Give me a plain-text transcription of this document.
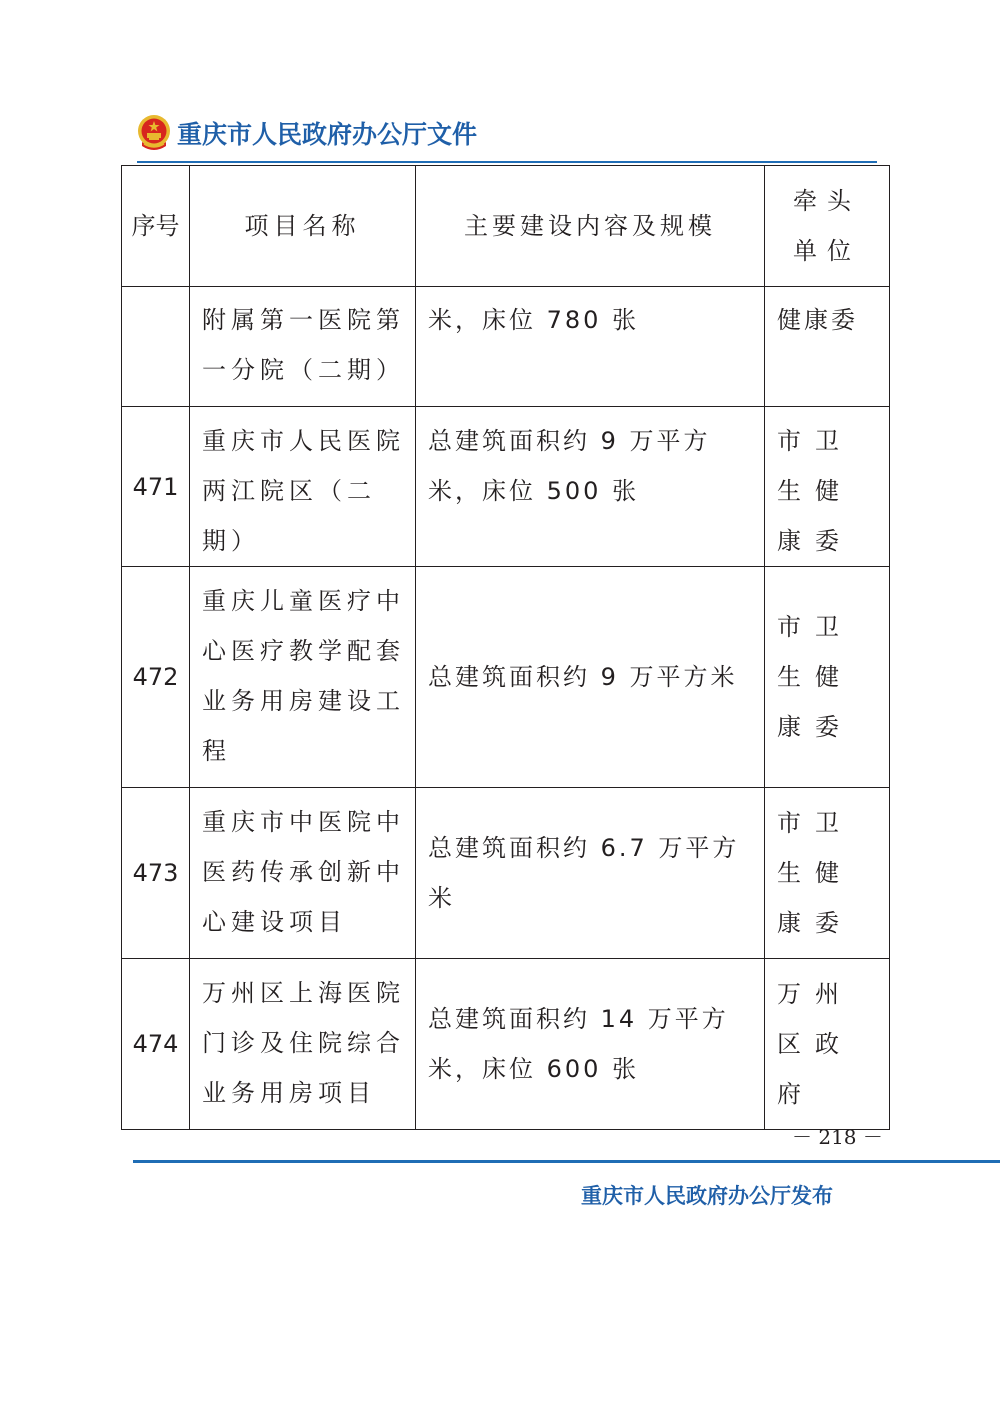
重庆市人民政府办公厅文件
序号	项目名称	主要建设内容及规模	牵头单位
	附属第一医院第一分院（二期）	米，床位 780 张	健康委
471	重庆市人民医院两江院区（二期）	总建筑面积约 9 万平方米，床位 500 张	市卫生健康委
472	重庆儿童医疗中心医疗教学配套业务用房建设工程	总建筑面积约 9 万平方米	市卫生健康委
473	重庆市中医院中医药传承创新中心建设项目	总建筑面积约 6.7 万平方米	市卫生健康委
474	万州区上海医院门诊及住院综合业务用房项目	总建筑面积约 14 万平方米，床位 600 张	万州区政府
－ 218 －
重庆市人民政府办公厅发布
